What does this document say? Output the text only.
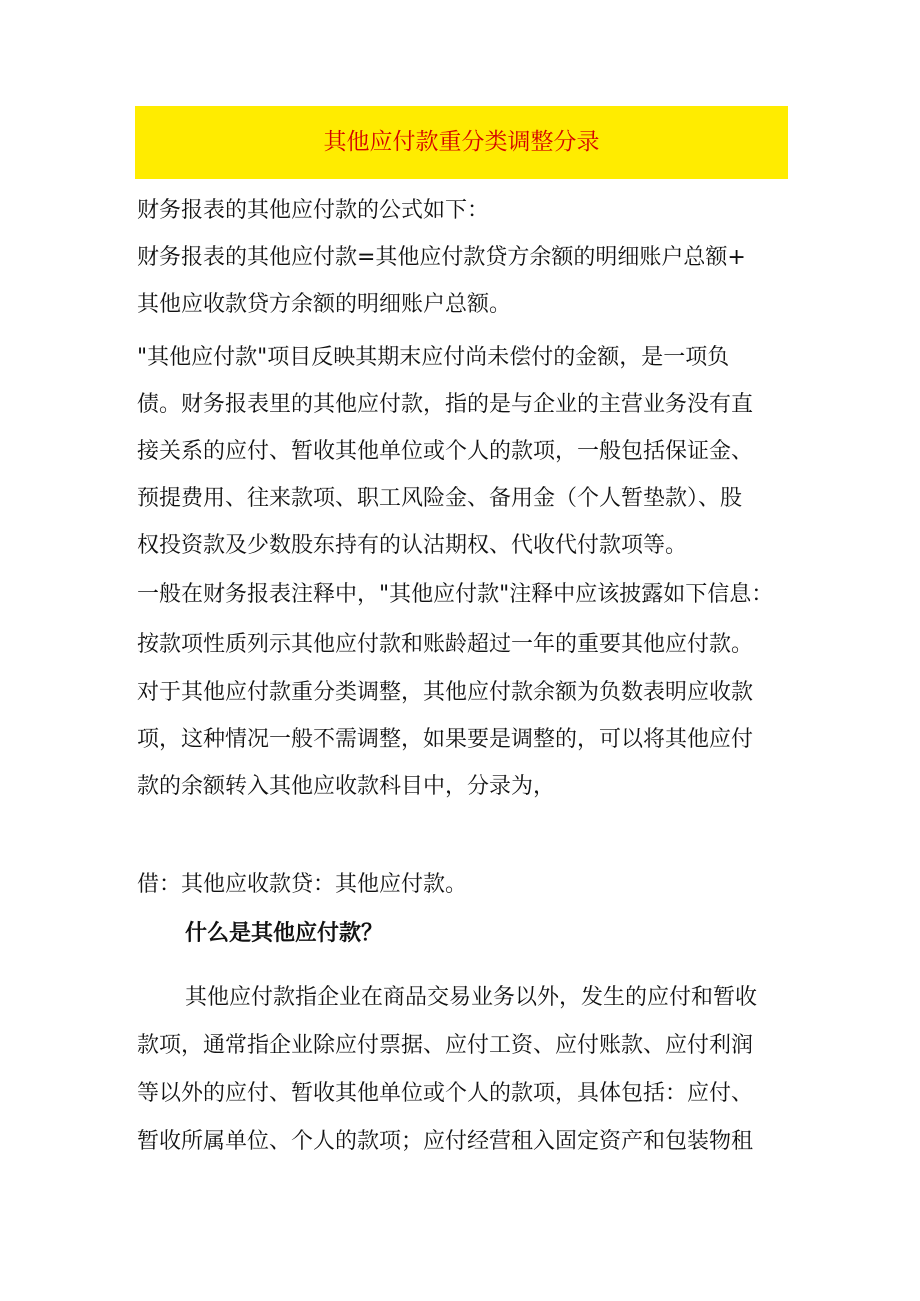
其他应付款重分类调整分录
财务报表的其他应付款的公式如下：
财务报表的其他应付款=其他应付款贷方余额的明细账户总额+
其他应收款贷方余额的明细账户总额。
"其他应付款"项目反映其期末应付尚未偿付的金额，是一项负
债。财务报表里的其他应付款，指的是与企业的主营业务没有直
接关系的应付、暂收其他单位或个人的款项，一般包括保证金、
预提费用、往来款项、职工风险金、备用金（个人暂垫款）、股
权投资款及少数股东持有的认沽期权、代收代付款项等。
一般在财务报表注释中，"其他应付款"注释中应该披露如下信息：
按款项性质列示其他应付款和账龄超过一年的重要其他应付款。
对于其他应付款重分类调整，其他应付款余额为负数表明应收款
项，这种情况一般不需调整，如果要是调整的，可以将其他应付
款的余额转入其他应收款科目中，分录为，
借：其他应收款贷：其他应付款。
什么是其他应付款？
其他应付款指企业在商品交易业务以外，发生的应付和暂收
款项，通常指企业除应付票据、应付工资、应付账款、应付利润
等以外的应付、暂收其他单位或个人的款项，具体包括：应付、
暂收所属单位、个人的款项；应付经营租入固定资产和包装物租
